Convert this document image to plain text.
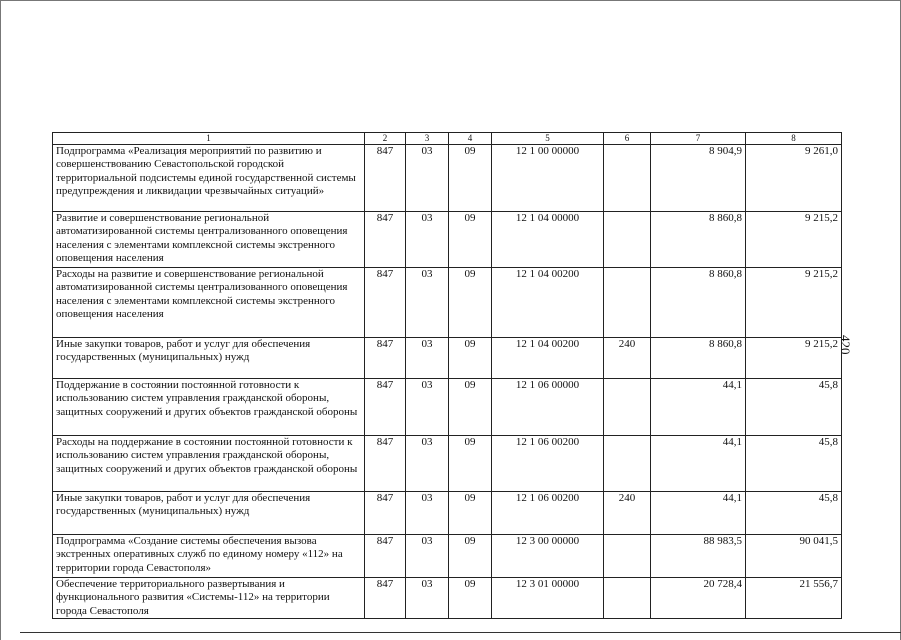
420
1	2	3	4	5	6	7	8
Подпрограмма «Реализация мероприятий по развитию и совершенствованию Севастопольской городской территориальной подсистемы единой государственной системы предупреждения и ликвидации чрезвычайных ситуаций»	847	03	09	12 1 00 00000		8 904,9	9 261,0
Развитие и совершенствование региональной автоматизированной системы централизованного оповещения населения с элементами комплексной системы экстренного оповещения населения	847	03	09	12 1 04 00000		8 860,8	9 215,2
Расходы на развитие и совершенствование региональной автоматизированной системы централизованного оповещения населения с элементами комплексной системы экстренного оповещения населения	847	03	09	12 1 04 00200		8 860,8	9 215,2
Иные закупки товаров, работ и услуг для обеспечения государственных (муниципальных) нужд	847	03	09	12 1 04 00200	240	8 860,8	9 215,2
Поддержание в состоянии постоянной готовности к использованию систем управления гражданской обороны, защитных сооружений и других объектов гражданской обороны	847	03	09	12 1 06 00000		44,1	45,8
Расходы на поддержание в состоянии постоянной готовности к использованию систем управления гражданской обороны, защитных сооружений и других объектов гражданской обороны	847	03	09	12 1 06 00200		44,1	45,8
Иные закупки товаров, работ и услуг для обеспечения государственных (муниципальных) нужд	847	03	09	12 1 06 00200	240	44,1	45,8
Подпрограмма «Создание системы обеспечения вызова экстренных оперативных служб по единому номеру «112» на территории города Севастополя»	847	03	09	12 3 00 00000		88 983,5	90 041,5
Обеспечение территориального развертывания и функционального развития «Системы-112» на территории города Севастополя	847	03	09	12 3 01 00000		20 728,4	21 556,7
